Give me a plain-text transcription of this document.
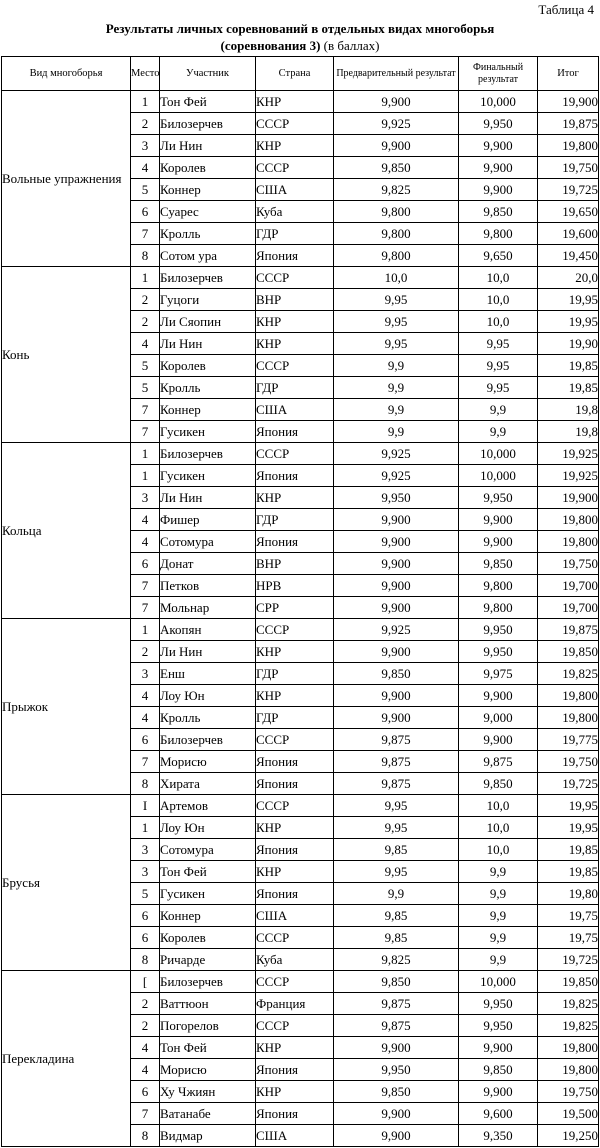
Таблица 4
Результаты личных соревнований в отдельных видах многоборья
(соревнования 3) (в баллах)
Вид многоборья	Место	Участник	Страна	Предварительный результат	Финальный результат	Итог
Вольные упражнения	1	Тон Фей	КНР	9,900	10,000	19,900
	2	Билозерчев	СССР	9,925	9,950	19,875
	3	Ли Нин	КНР	9,900	9,900	19,800
	4	Королев	СССР	9,850	9,900	19,750
	5	Коннер	США	9,825	9,900	19,725
	6	Суарес	Куба	9,800	9,850	19,650
	7	Кролль	ГДР	9,800	9,800	19,600
	8	Сотом ура	Япония	9,800	9,650	19,450
Конь	1	Билозерчев	СССР	10,0	10,0	20,0
	2	Гуцоги	ВНР	9,95	10,0	19,95
	2	Ли Сяопин	КНР	9,95	10,0	19,95
	4	Ли Нин	КНР	9,95	9,95	19,90
	5	Королев	СССР	9,9	9,95	19,85
	5	Кролль	ГДР	9,9	9,95	19,85
	7	Коннер	США	9,9	9,9	19,8
	7	Гусикен	Япония	9,9	9,9	19,8
Кольца	1	Билозерчев	СССР	9,925	10,000	19,925
	1	Гусикен	Япония	9,925	10,000	19,925
	3	Ли Нин	КНР	9,950	9,950	19,900
	4	Фишер	ГДР	9,900	9,900	19,800
	4	Сотомура	Япония	9,900	9,900	19,800
	6	Донат	ВНР	9,900	9,850	19,750
	7	Петков	НРВ	9,900	9,800	19,700
	7	Мольнар	СРР	9,900	9,800	19,700
Прыжок	1	Акопян	СССР	9,925	9,950	19,875
	2	Ли Нин	КНР	9,900	9,950	19,850
	3	Енш	ГДР	9,850	9,975	19,825
	4	Лоу Юн	КНР	9,900	9,900	19,800
	4	Кролль	ГДР	9,900	9,000	19,800
	6	Билозерчев	СССР	9,875	9,900	19,775
	7	Морисю	Япония	9,875	9,875	19,750
	8	Хирата	Япония	9,875	9,850	19,725
Брусья	I	Артемов	СССР	9,95	10,0	19,95
	1	Лоу Юн	КНР	9,95	10,0	19,95
	3	Сотомура	Япония	9,85	10,0	19,85
	3	Тон Фей	КНР	9,95	9,9	19,85
	5	Гусикен	Япония	9,9	9,9	19,80
	6	Коннер	США	9,85	9,9	19,75
	6	Королев	СССР	9,85	9,9	19,75
	8	Ричарде	Куба	9,825	9,9	19,725
Перекладина	[	Билозерчев	СССР	9,850	10,000	19,850
	2	Ваттюон	Франция	9,875	9,950	19,825
	2	Погорелов	СССР	9,875	9,950	19,825
	4	Тон Фей	КНР	9,900	9,900	19,800
	4	Морисю	Япония	9,950	9,850	19,800
	6	Ху Чжиян	КНР	9,850	9,900	19,750
	7	Ватанабе	Япония	9,900	9,600	19,500
	8	Видмар	США	9,900	9,350	19,250
